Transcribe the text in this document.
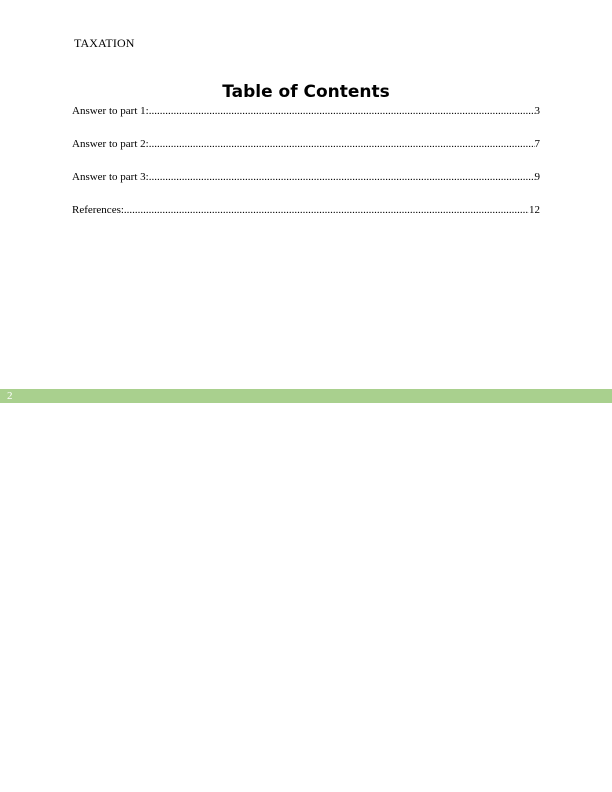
TAXATION
Table of Contents
Answer to part 1: .....	3
Answer to part 2: .....	7
Answer to part 3: .....	9
References: .....	12
2
